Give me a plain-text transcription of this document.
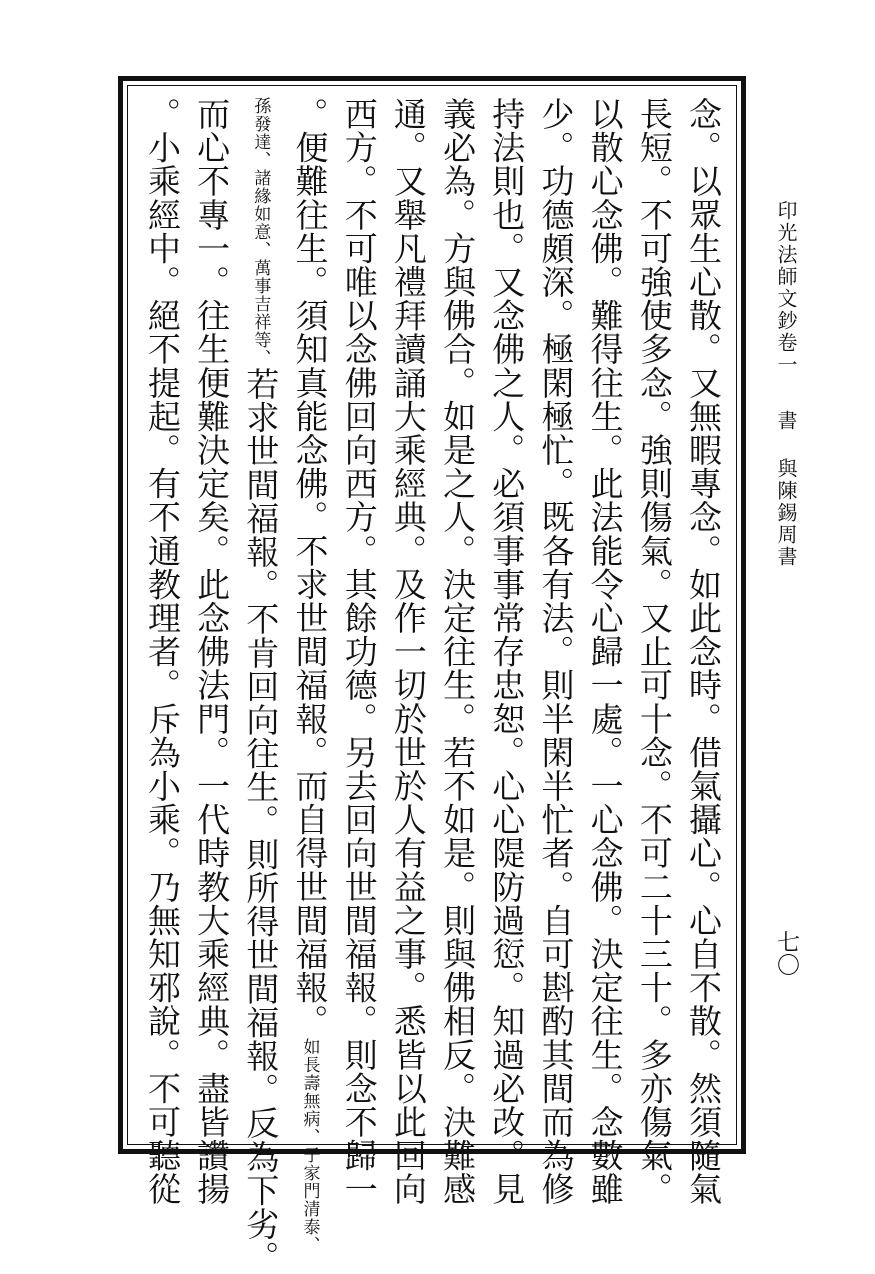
印光法師文鈔卷一書與陳錫周書
七〇
念。以眾生心散。又無暇專念。如此念時。借氣攝心。心自不散。然須隨氣
長短。不可強使多念。強則傷氣。又止可十念。不可二十三十。多亦傷氣。
以散心念佛。難得往生。此法能令心歸一處。一心念佛。決定往生。念數雖
少。功德頗深。極閑極忙。既各有法。則半閑半忙者。自可斟酌其間而為修
持法則也。又念佛之人。必須事事常存忠恕。心心隄防過愆。知過必改。見
義必為。方與佛合。如是之人。決定往生。若不如是。則與佛相反。決難感
通。又舉凡禮拜讀誦大乘經典。及作一切於世於人有益之事。悉皆以此回向
西方。不可唯以念佛回向西方。其餘功德。另去回向世間福報。則念不歸一
。便難往生。須知真能念佛。不求世間福報。而自得世間福報。如長壽無病、子家門清泰、
孫發達、諸緣如意、萬事吉祥等、若求世間福報。不肯回向往生。則所得世間福報。反為下劣。
而心不專一。往生便難決定矣。此念佛法門。一代時教大乘經典。盡皆讚揚
。小乘經中。絕不提起。有不通教理者。斥為小乘。乃無知邪說。不可聽從
